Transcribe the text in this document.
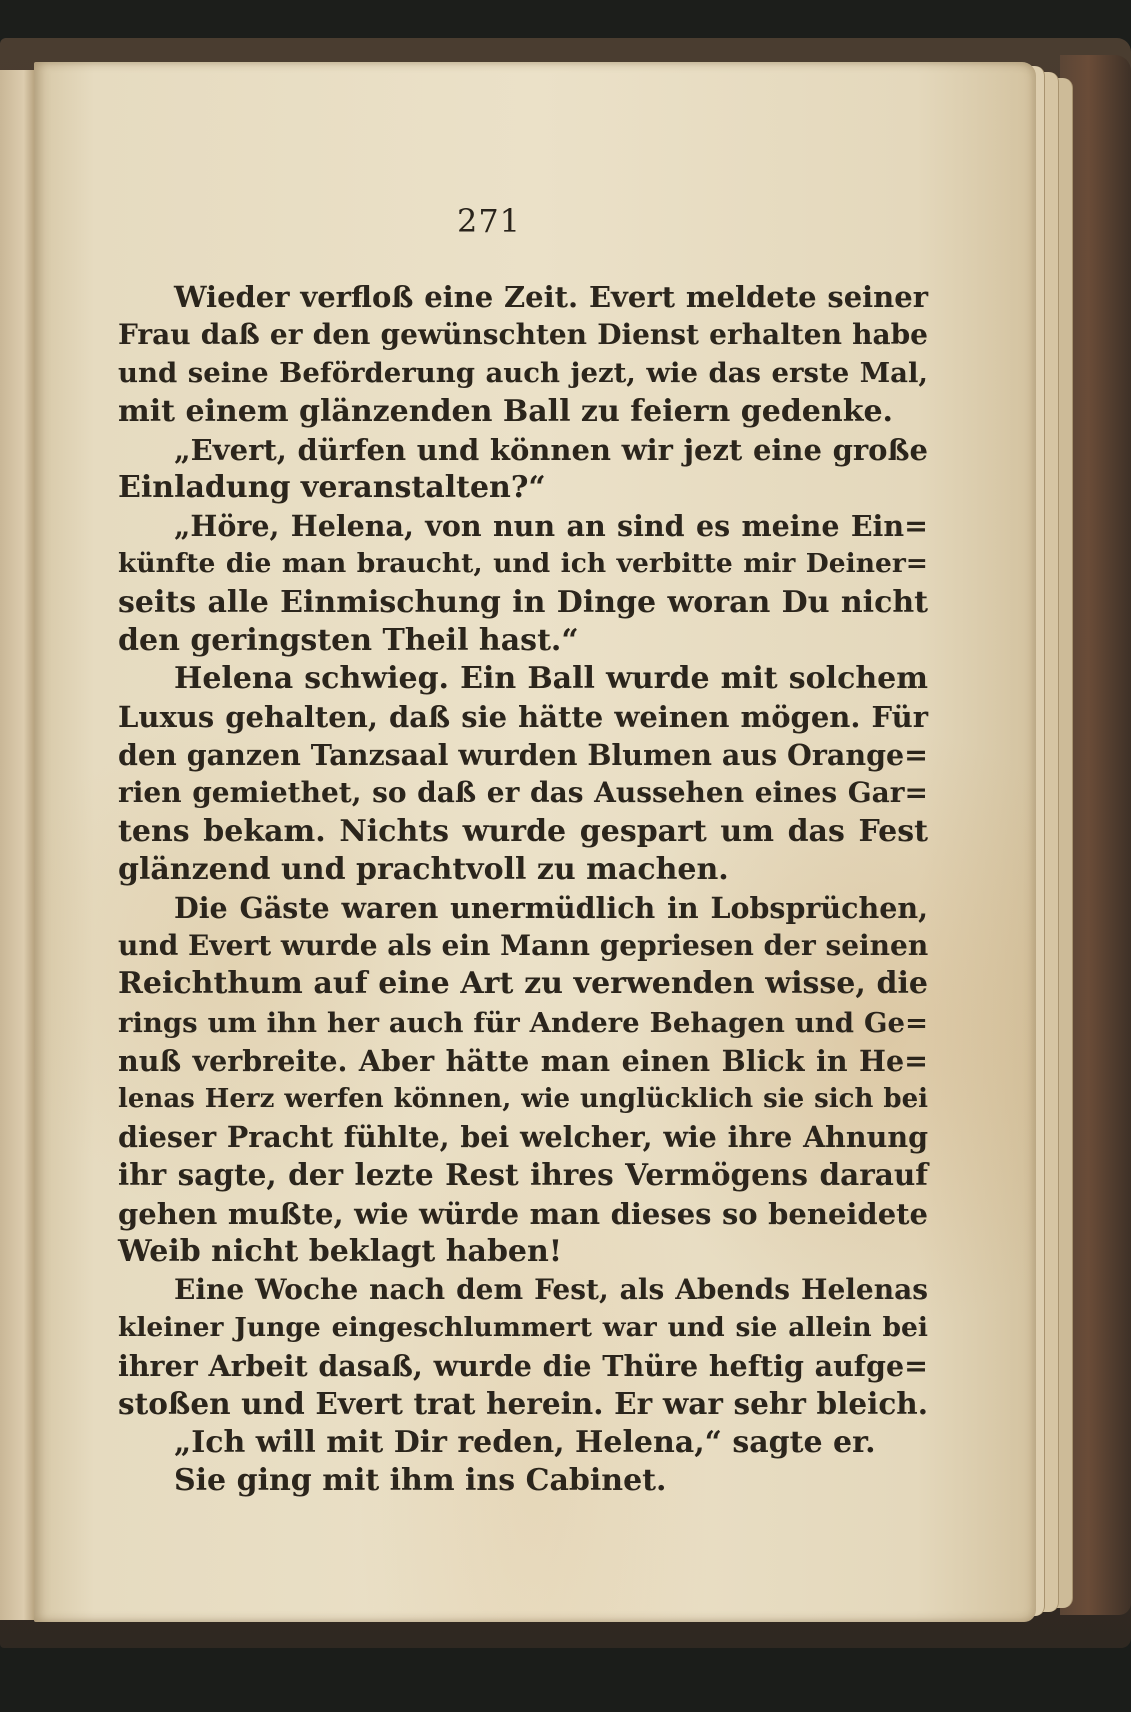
271
Wieder verfloß eine Zeit. Evert meldete seiner
Frau daß er den gewünschten Dienst erhalten habe
und seine Beförderung auch jezt, wie das erste Mal,
mit einem glänzenden Ball zu feiern gedenke.
„Evert, dürfen und können wir jezt eine große
Einladung veranstalten?“
„Höre, Helena, von nun an sind es meine Ein=
künfte die man braucht, und ich verbitte mir Deiner=
seits alle Einmischung in Dinge woran Du nicht
den geringsten Theil hast.“
Helena schwieg. Ein Ball wurde mit solchem
Luxus gehalten, daß sie hätte weinen mögen. Für
den ganzen Tanzsaal wurden Blumen aus Orange=
rien gemiethet, so daß er das Aussehen eines Gar=
tens bekam. Nichts wurde gespart um das Fest
glänzend und prachtvoll zu machen.
Die Gäste waren unermüdlich in Lobsprüchen,
und Evert wurde als ein Mann gepriesen der seinen
Reichthum auf eine Art zu verwenden wisse, die
rings um ihn her auch für Andere Behagen und Ge=
nuß verbreite. Aber hätte man einen Blick in He=
lenas Herz werfen können, wie unglücklich sie sich bei
dieser Pracht fühlte, bei welcher, wie ihre Ahnung
ihr sagte, der lezte Rest ihres Vermögens darauf
gehen mußte, wie würde man dieses so beneidete
Weib nicht beklagt haben!
Eine Woche nach dem Fest, als Abends Helenas
kleiner Junge eingeschlummert war und sie allein bei
ihrer Arbeit dasaß, wurde die Thüre heftig aufge=
stoßen und Evert trat herein. Er war sehr bleich.
„Ich will mit Dir reden, Helena,“ sagte er.
Sie ging mit ihm ins Cabinet.
